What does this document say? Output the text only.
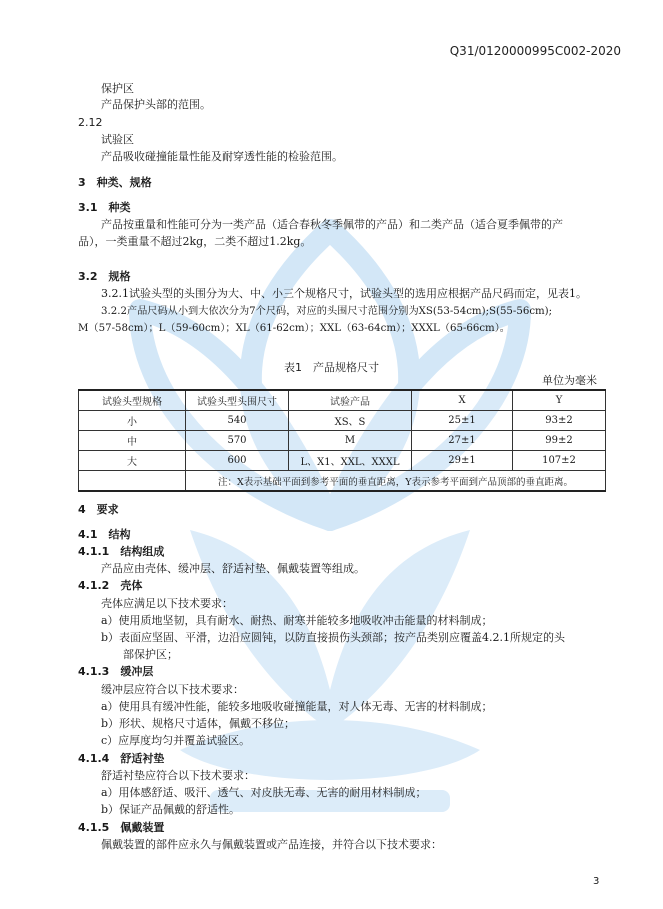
Q31/0120000995C002-2020
保护区
产品保护头部的范围。
2.12
试验区
产品吸收碰撞能量性能及耐穿透性能的检验范围。
3　种类、规格
3.1　种类
产品按重量和性能可分为一类产品（适合春秋冬季佩带的产品）和二类产品（适合夏季佩带的产
品），一类重量不超过2kg，二类不超过1.2kg。
3.2　规格
3.2.1试验头型的头围分为大、中、小三个规格尺寸，试验头型的选用应根据产品尺码而定，见表1。
3.2.2产品尺码从小到大依次分为7个尺码，对应的头围尺寸范围分别为XS(53-54cm);S(55-56cm);
M（57-58cm）；L（59-60cm）；XL（61-62cm）；XXL（63-64cm）；XXXL（65-66cm）。
表1　产品规格尺寸
单位为毫米
试验头型规格	试验头型头围尺寸	试验产品	X	Y
小	540	XS、S	25±1	93±2
中	570	M	27±1	99±2
大	600	L、X1、XXL、XXXL	29±1	107±2
	注：X表示基础平面到参考平面的垂直距离，Y表示参考平面到产品顶部的垂直距离。			
4　要求
4.1　结构
4.1.1　结构组成
产品应由壳体、缓冲层、舒适衬垫、佩戴装置等组成。
4.1.2　壳体
壳体应满足以下技术要求：
a）使用质地坚韧，具有耐水、耐热、耐寒并能较多地吸收冲击能量的材料制成；
b）表面应坚固、平滑，边沿应圆钝，以防直接损伤头颈部；按产品类别应覆盖4.2.1所规定的头
部保护区；
4.1.3　缓冲层
缓冲层应符合以下技术要求：
a）使用具有缓冲性能，能较多地吸收碰撞能量，对人体无毒、无害的材料制成；
b）形状、规格尺寸适体，佩戴不移位；
c）应厚度均匀并覆盖试验区。
4.1.4　舒适衬垫
舒适衬垫应符合以下技术要求：
a）用体感舒适、吸汗、透气、对皮肤无毒、无害的耐用材料制成；
b）保证产品佩戴的舒适性。
4.1.5　佩戴装置
佩戴装置的部件应永久与佩戴装置或产品连接，并符合以下技术要求：
3
